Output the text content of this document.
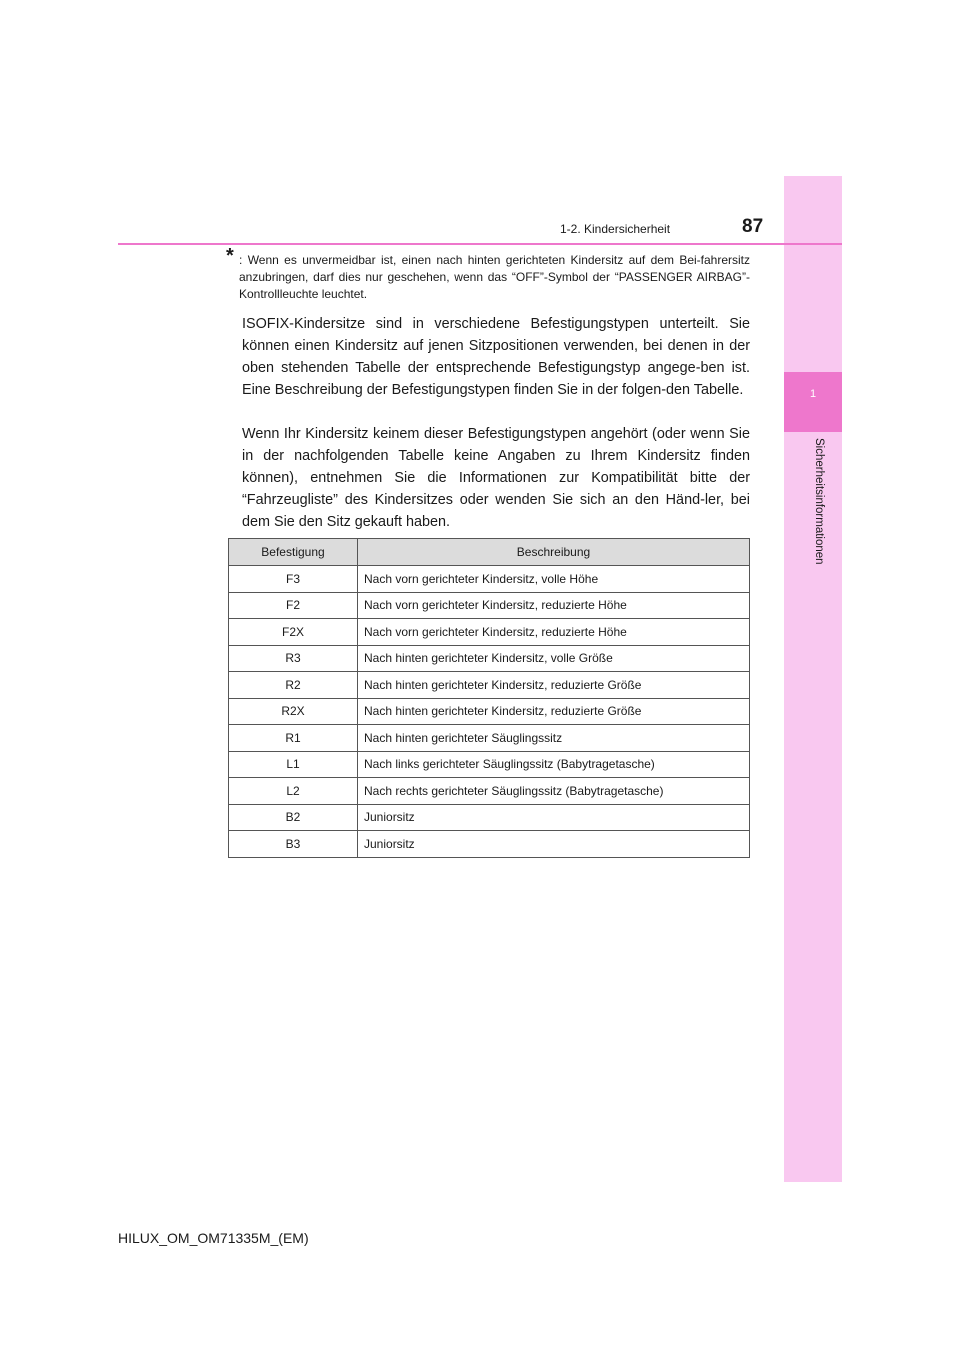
1
Sicherheitsinformationen
1-2. Kindersicherheit	87
* : Wenn es unvermeidbar ist, einen nach hinten gerichteten Kindersitz auf dem Bei-fahrersitz anzubringen, darf dies nur geschehen, wenn das “OFF”-Symbol der “PASSENGER AIRBAG”-Kontrollleuchte leuchtet.

ISOFIX-Kindersitze sind in verschiedene Befestigungstypen unterteilt. Sie können einen Kindersitz auf jenen Sitzpositionen verwenden, bei denen in der oben stehenden Tabelle der entsprechende Befestigungstyp angege-ben ist. Eine Beschreibung der Befestigungstypen finden Sie in der folgen-den Tabelle.

Wenn Ihr Kindersitz keinem dieser Befestigungstypen angehört (oder wenn Sie in der nachfolgenden Tabelle keine Angaben zu Ihrem Kindersitz finden können), entnehmen Sie die Informationen zur Kompatibilität bitte der “Fahrzeugliste” des Kindersitzes oder wenden Sie sich an den Händ-ler, bei dem Sie den Sitz gekauft haben.

Befestigung	Beschreibung
F3	Nach vorn gerichteter Kindersitz, volle Höhe
F2	Nach vorn gerichteter Kindersitz, reduzierte Höhe
F2X	Nach vorn gerichteter Kindersitz, reduzierte Höhe
R3	Nach hinten gerichteter Kindersitz, volle Größe
R2	Nach hinten gerichteter Kindersitz, reduzierte Größe
R2X	Nach hinten gerichteter Kindersitz, reduzierte Größe
R1	Nach hinten gerichteter Säuglingssitz
L1	Nach links gerichteter Säuglingssitz (Babytragetasche)
L2	Nach rechts gerichteter Säuglingssitz (Babytragetasche)
B2	Juniorsitz
B3	Juniorsitz
HILUX_OM_OM71335M_(EM)
